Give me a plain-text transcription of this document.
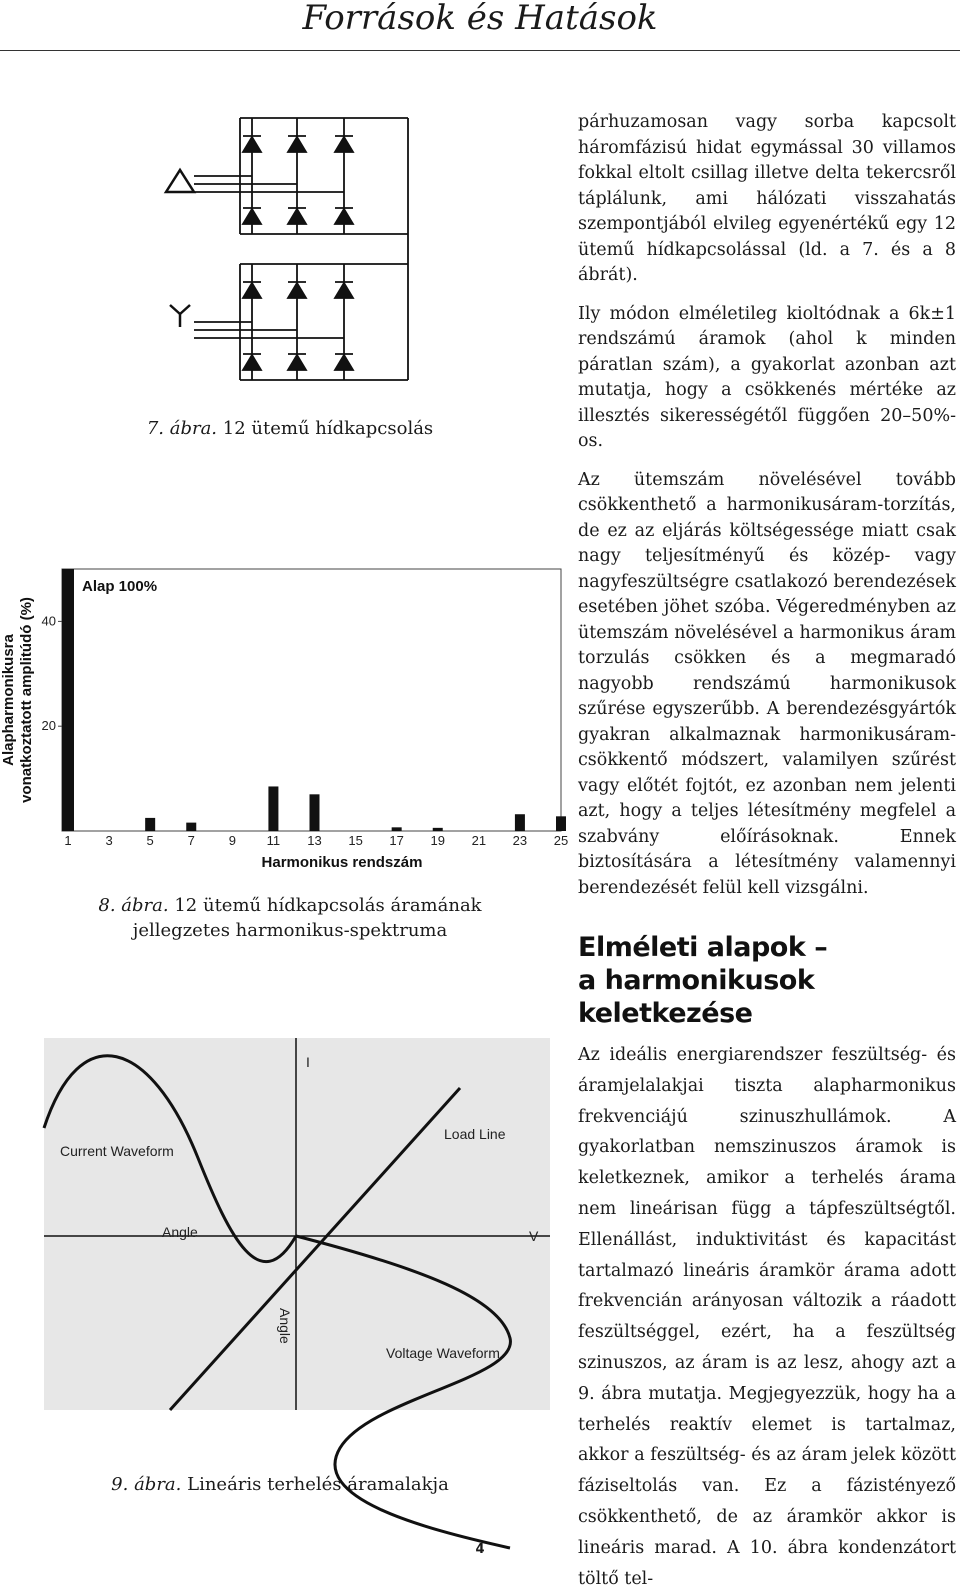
Források és Hatások
7. ábra. 12 ütemű hídkapcsolás
Alapharmonikusra vonatkoztatott amplitúdó (%) 20
40
1	3	5	7	9 11 13 15 17 19 21 23 25
Alap 100%
Harmonikus rendszám
8. ábra. 12 ütemű hídkapcsolás áramának
jellegzetes harmonikus-spektruma
Current Waveform
Load Line
Angle	V
I
Angle
Voltage Waveform
9. ábra. Lineáris terhelés áramalakja

párhuzamosan vagy sorba kapcsolt háromfázisú hidat egymással 30 villamos fokkal eltolt csillag illetve delta tekercsről táplálunk, ami hálózati visszahatás szempontjából elvileg egyenértékű egy 12 ütemű hídkapcsolással (ld. a 7. és a 8 ábrát).

Ily módon elméletileg kioltódnak a 6k±1 rendszámú áramok (ahol k minden páratlan szám), a gyakorlat azonban azt mutatja, hogy a csökkenés mértéke az illesztés sikerességétől függően 20–50%-os.

Az ütemszám növelésével tovább csökkenthető a harmonikusáram-torzítás, de ez az eljárás költségessége miatt csak nagy teljesítményű és közép- vagy nagyfeszültségre csatlakozó berendezések esetében jöhet szóba. Végeredményben az ütemszám növelésével a harmonikus áram torzulás csökken és a megmaradó nagyobb rendszámú harmonikusok szűrése egyszerűbb. A berendezésgyártók gyakran alkalmaznak harmonikusáram-csökkentő módszert, valamilyen szűrést vagy előtét fojtót, ez azonban nem jelenti azt, hogy a teljes létesítmény megfelel a szabvány előírásoknak. Ennek biztosítására a létesítmény valamennyi berendezését felül kell vizsgálni.

Elméleti alapok –
a harmonikusok keletkezése

Az ideális energiarendszer feszültség- és áramjelalakjai tiszta alapharmonikus frekvenciájú szinuszhullámok. A gyakorlatban nemszinuszos áramok is keletkeznek, amikor a terhelés árama nem lineárisan függ a tápfeszültségtől. Ellenállást, induktivitást és kapacitást tartalmazó lineáris áramkör árama adott frekvencián arányosan változik a ráadott feszültséggel, ezért, ha a feszültség szinuszos, az áram is az lesz, ahogy azt a 9. ábra mutatja. Megjegyezzük, hogy ha a terhelés reaktív elemet is tartalmaz, akkor a feszültség- és az áram jelek között fáziseltolás van. Ez a fázistényező csökkenthető, de az áramkör akkor is lineáris marad. A 10. ábra kondenzátort töltő tel-

4
